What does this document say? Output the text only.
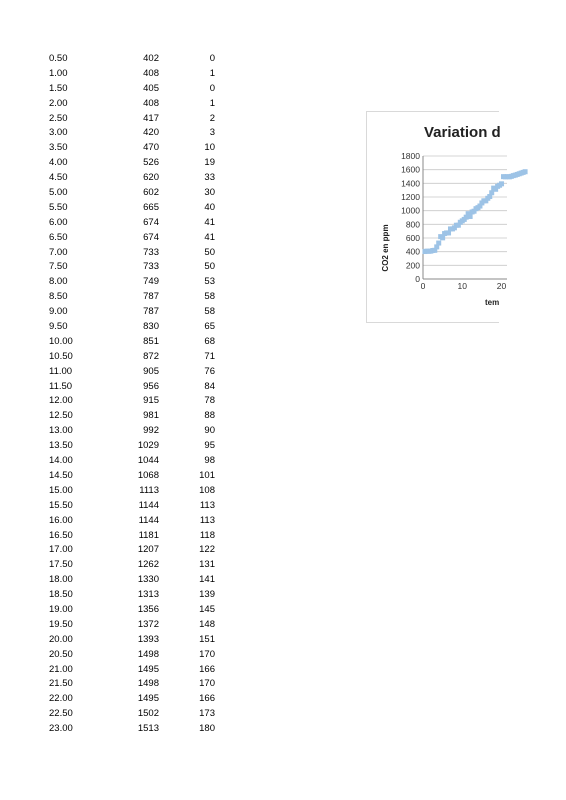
0.50	402	0
1.00	408	1
1.50	405	0
2.00	408	1
2.50	417	2
3.00	420	3
3.50	470	10
4.00	526	19
4.50	620	33
5.00	602	30
5.50	665	40
6.00	674	41
6.50	674	41
7.00	733	50
7.50	733	50
8.00	749	53
8.50	787	58
9.00	787	58
9.50	830	65
10.00	851	68
10.50	872	71
11.00	905	76
11.50	956	84
12.00	915	78
12.50	981	88
13.00	992	90
13.50	1029	95
14.00	1044	98
14.50	1068	101
15.00	1113	108
15.50	1144	113
16.00	1144	113
16.50	1181	118
17.00	1207	122
17.50	1262	131
18.00	1330	141
18.50	1313	139
19.00	1356	145
19.50	1372	148
20.00	1393	151
20.50	1498	170
21.00	1495	166
21.50	1498	170
22.00	1495	166
22.50	1502	173
23.00	1513	180
Variation d
CO2 en ppm
tem
0
200
400
600
800
1000
1200
1400
1600
1800
0	10	20
